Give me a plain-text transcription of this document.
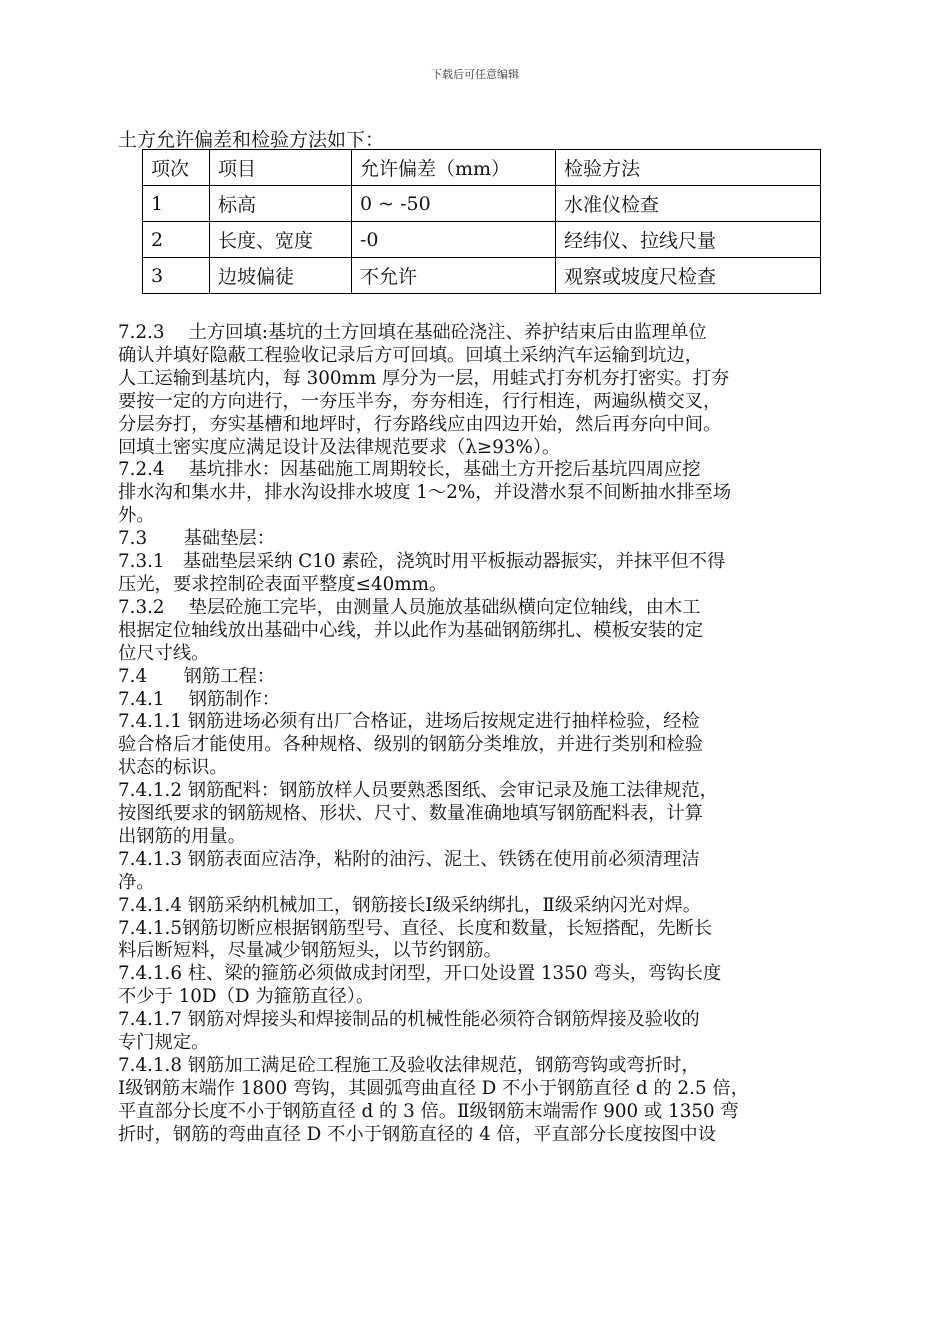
下载后可任意编辑
土方允许偏差和检验方法如下：
项次	项目	允许偏差（mm）	检验方法
1	标高	0 ~ -50	水准仪检查
2	长度、宽度	-0	经纬仪、拉线尺量
3	边坡偏徒	不允许	观察或坡度尺检查

7.2.3　 土方回填:基坑的土方回填在基础砼浇注、养护结束后由监理单位

确认并填好隐蔽工程验收记录后方可回填。回填土采纳汽车运输到坑边，

人工运输到基坑内，每 300mm 厚分为一层，用蛙式打夯机夯打密实。打夯

要按一定的方向进行，一夯压半夯，夯夯相连，行行相连，两遍纵横交叉，

分层夯打，夯实基槽和地坪时，行夯路线应由四边开始，然后再夯向中间。

回填土密实度应满足设计及法律规范要求（λ≥93%）。

7.2.4　 基坑排水：因基础施工周期较长，基础土方开挖后基坑四周应挖

排水沟和集水井，排水沟设排水坡度 1～2%，并设潜水泵不间断抽水排至场

外。

7.3　　基础垫层：

7.3.1　基础垫层采纳 C10 素砼，浇筑时用平板振动器振实，并抹平但不得

压光，要求控制砼表面平整度≤40mm。

7.3.2　 垫层砼施工完毕，由测量人员施放基础纵横向定位轴线，由木工

根据定位轴线放出基础中心线，并以此作为基础钢筋绑扎、模板安装的定

位尺寸线。

7.4　　钢筋工程：

7.4.1　 钢筋制作：

7.4.1.1 钢筋进场必须有出厂合格证，进场后按规定进行抽样检验，经检

验合格后才能使用。各种规格、级别的钢筋分类堆放，并进行类别和检验

状态的标识。

7.4.1.2 钢筋配料：钢筋放样人员要熟悉图纸、会审记录及施工法律规范，

按图纸要求的钢筋规格、形状、尺寸、数量准确地填写钢筋配料表，计算

出钢筋的用量。

7.4.1.3 钢筋表面应洁净，粘附的油污、泥土、铁锈在使用前必须清理洁

净。

7.4.1.4 钢筋采纳机械加工，钢筋接长Ⅰ级采纳绑扎，Ⅱ级采纳闪光对焊。

7.4.1.5钢筋切断应根据钢筋型号、直径、长度和数量，长短搭配，先断长

料后断短料，尽量减少钢筋短头，以节约钢筋。

7.4.1.6 柱、梁的箍筋必须做成封闭型，开口处设置 1350 弯头，弯钩长度

不少于 10D（D 为箍筋直径）。

7.4.1.7 钢筋对焊接头和焊接制品的机械性能必须符合钢筋焊接及验收的

专门规定。

7.4.1.8 钢筋加工满足砼工程施工及验收法律规范，钢筋弯钩或弯折时，

Ⅰ级钢筋末端作 1800 弯钩，其圆弧弯曲直径 D 不小于钢筋直径 d 的 2.5 倍，

平直部分长度不小于钢筋直径 d 的 3 倍。Ⅱ级钢筋末端需作 900 或 1350 弯

折时，钢筋的弯曲直径 D 不小于钢筋直径的 4 倍，平直部分长度按图中设
